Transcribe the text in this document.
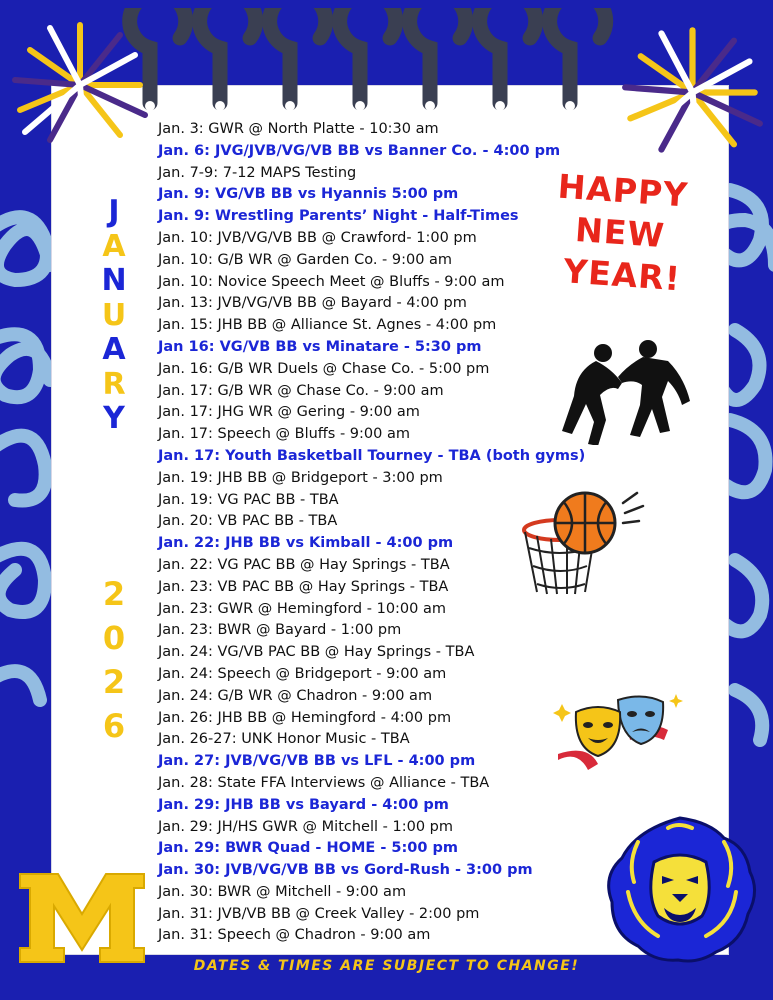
J
A
N
U
A
R
Y
2
0
2
6
Jan. 3: GWR @ North Platte - 10:30 am
Jan. 6: JVG/JVB/VG/VB BB vs Banner Co. - 4:00 pm
Jan. 7-9: 7-12 MAPS Testing
Jan. 9: VG/VB BB vs Hyannis 5:00 pm
Jan. 9: Wrestling Parents’ Night - Half-Times
Jan. 10: JVB/VG/VB BB @ Crawford- 1:00 pm
Jan. 10: G/B WR @ Garden Co. - 9:00 am
Jan. 10: Novice Speech Meet @ Bluffs - 9:00 am
Jan. 13: JVB/VG/VB BB @ Bayard - 4:00 pm
Jan. 15: JHB BB @ Alliance St. Agnes - 4:00 pm
Jan 16: VG/VB BB vs Minatare - 5:30 pm
Jan. 16: G/B WR Duels @ Chase Co. - 5:00 pm
Jan. 17: G/B WR @ Chase Co. - 9:00 am
Jan. 17: JHG WR @ Gering - 9:00 am
Jan. 17: Speech @ Bluffs - 9:00 am
Jan. 17: Youth Basketball Tourney - TBA (both gyms)
Jan. 19: JHB BB @ Bridgeport - 3:00 pm
Jan. 19: VG PAC BB - TBA
Jan. 20: VB PAC BB - TBA
Jan. 22: JHB BB vs Kimball - 4:00 pm
Jan. 22: VG PAC BB @ Hay Springs - TBA
Jan. 23: VB PAC BB @ Hay Springs - TBA
Jan. 23: GWR @ Hemingford - 10:00 am
Jan. 23: BWR @ Bayard - 1:00 pm
Jan. 24: VG/VB PAC BB @ Hay Springs - TBA
Jan. 24: Speech @ Bridgeport - 9:00 am
Jan. 24: G/B WR @ Chadron - 9:00 am
Jan. 26: JHB BB @ Hemingford - 4:00 pm
Jan. 26-27: UNK Honor Music - TBA
Jan. 27: JVB/VG/VB BB vs LFL - 4:00 pm
Jan. 28: State FFA Interviews @ Alliance - TBA
Jan. 29: JHB BB vs Bayard - 4:00 pm
Jan. 29: JH/HS GWR @ Mitchell - 1:00 pm
Jan. 29: BWR Quad - HOME - 5:00 pm
Jan. 30: JVB/VG/VB BB vs Gord-Rush - 3:00 pm
Jan. 30: BWR @ Mitchell - 9:00 am
Jan. 31: JVB/VB BB @ Creek Valley - 2:00 pm
Jan. 31: Speech @ Chadron - 9:00 am
HAPPY NEW
YEAR!
M
DATES & TIMES ARE SUBJECT TO CHANGE!
